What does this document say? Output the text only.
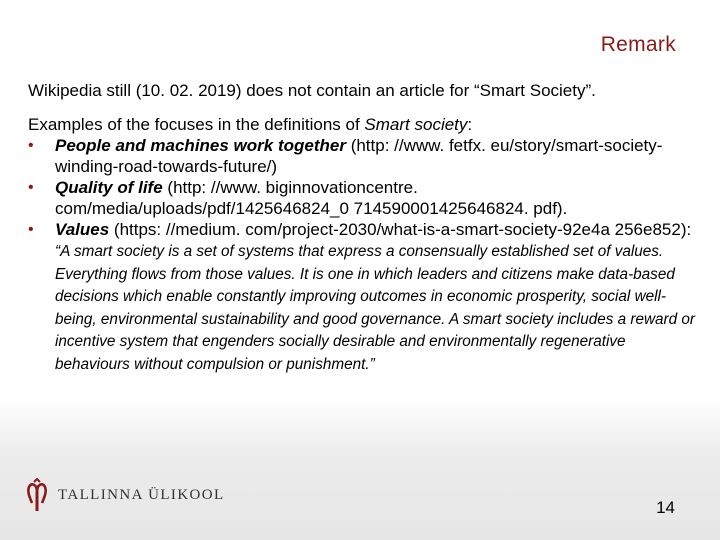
Remark

Wikipedia still (10. 02. 2019) does not contain an article for “Smart Society”.

Examples of the focuses in the definitions of Smart society:

• People and machines work together (http: //www. fetfx. eu/story/smart-society-winding-road-towards-future/)
• Quality of life (http: //www. biginnovationcentre. com/media/uploads/pdf/1425646824_0 714590001425646824. pdf).
• Values (https: //medium. com/project-2030/what-is-a-smart-society-92e4a 256e852): “A smart society is a set of systems that express a consensually established set of values. Everything flows from those values. It is one in which leaders and citizens make data-based decisions which enable constantly improving outcomes in economic prosperity, social well-being, environmental sustainability and good governance. A smart society includes a reward or incentive system that engenders socially desirable and environmentally regenerative behaviours without compulsion or punishment.”
TALLINNA ÜLIKOOL
14
